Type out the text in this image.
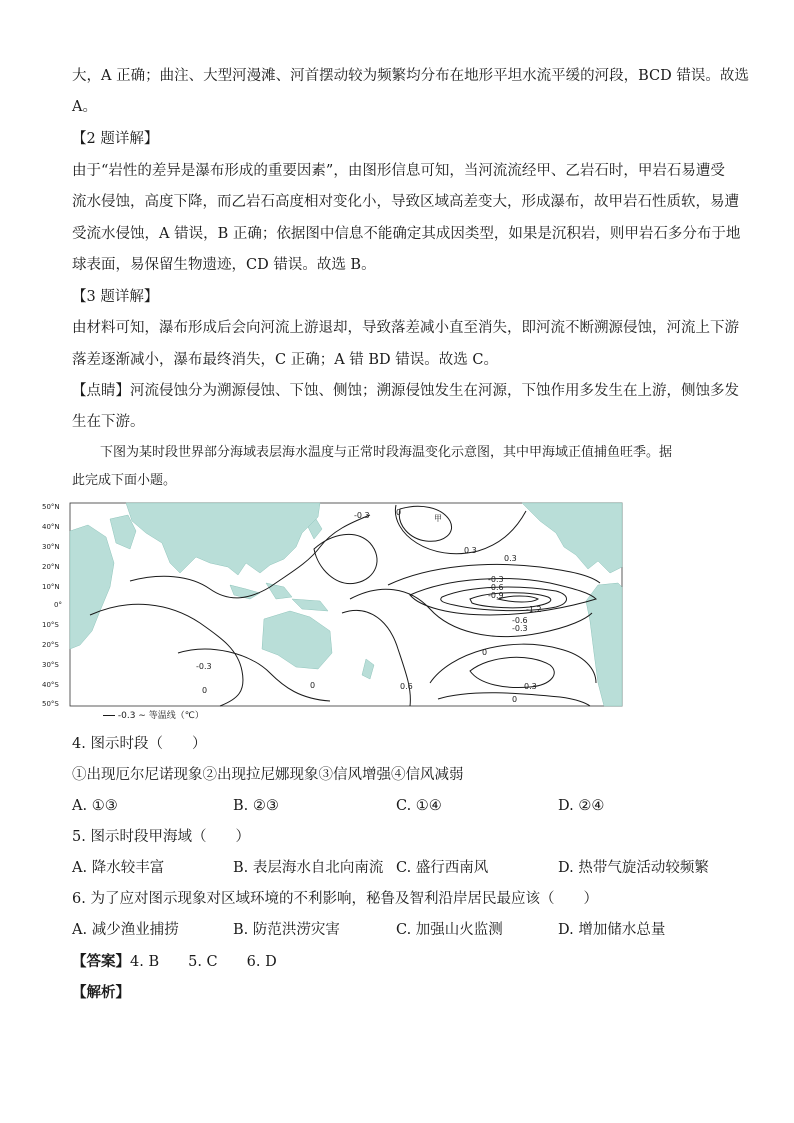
大，A 正确；曲注、大型河漫滩、河首摆动较为频繁均分布在地形平坦水流平缓的河段，BCD 错误。故选
A。
【2 题详解】
由于“岩性的差异是瀑布形成的重要因素”，由图形信息可知，当河流流经甲、乙岩石时，甲岩石易遭受
流水侵蚀，高度下降，而乙岩石高度相对变化小，导致区域高差变大，形成瀑布，故甲岩石性质软，易遭
受流水侵蚀，A 错误，B 正确；依据图中信息不能确定其成因类型，如果是沉积岩，则甲岩石多分布于地
球表面，易保留生物遗迹，CD 错误。故选 B。
【3 题详解】
由材料可知，瀑布形成后会向河流上游退却，导致落差减小直至消失，即河流不断溯源侵蚀，河流上下游
落差逐渐减小，瀑布最终消失，C 正确；A 错 BD 错误。故选 C。
【点睛】河流侵蚀分为溯源侵蚀、下蚀、侧蚀；溯源侵蚀发生在河源，下蚀作用多发生在上游，侧蚀多发
生在下游。
下图为某时段世界部分海域表层海水温度与正常时段海温变化示意图，其中甲海域正值捕鱼旺季。据
此完成下面小题。
50°N
40°N
30°N
20°N
10°N
0°
10°S
20°S
30°S
40°S
50°S
-0.3	0
甲
0.3
0.3
-0.3
-0.6
-0.9
-1.2
-0.6
-0.3
0
-0.3
0	0.6
0	0.3
0
-0.3 ∼ 等温线（℃）
4. 图示时段（　　）
①出现厄尔尼诺现象②出现拉尼娜现象③信风增强④信风减弱
A. ①③	B. ②③	C. ①④	D. ②④
5. 图示时段甲海域（　　）
A. 降水较丰富	B. 表层海水自北向南流 C. 盛行西南风	D. 热带气旋活动较频繁
6. 为了应对图示现象对区域环境的不利影响，秘鲁及智利沿岸居民最应该（　　）
A. 减少渔业捕捞	B. 防范洪涝灾害	C. 加强山火监测	D. 增加储水总量
【答案】4. B　　5. C　　6. D
【解析】
